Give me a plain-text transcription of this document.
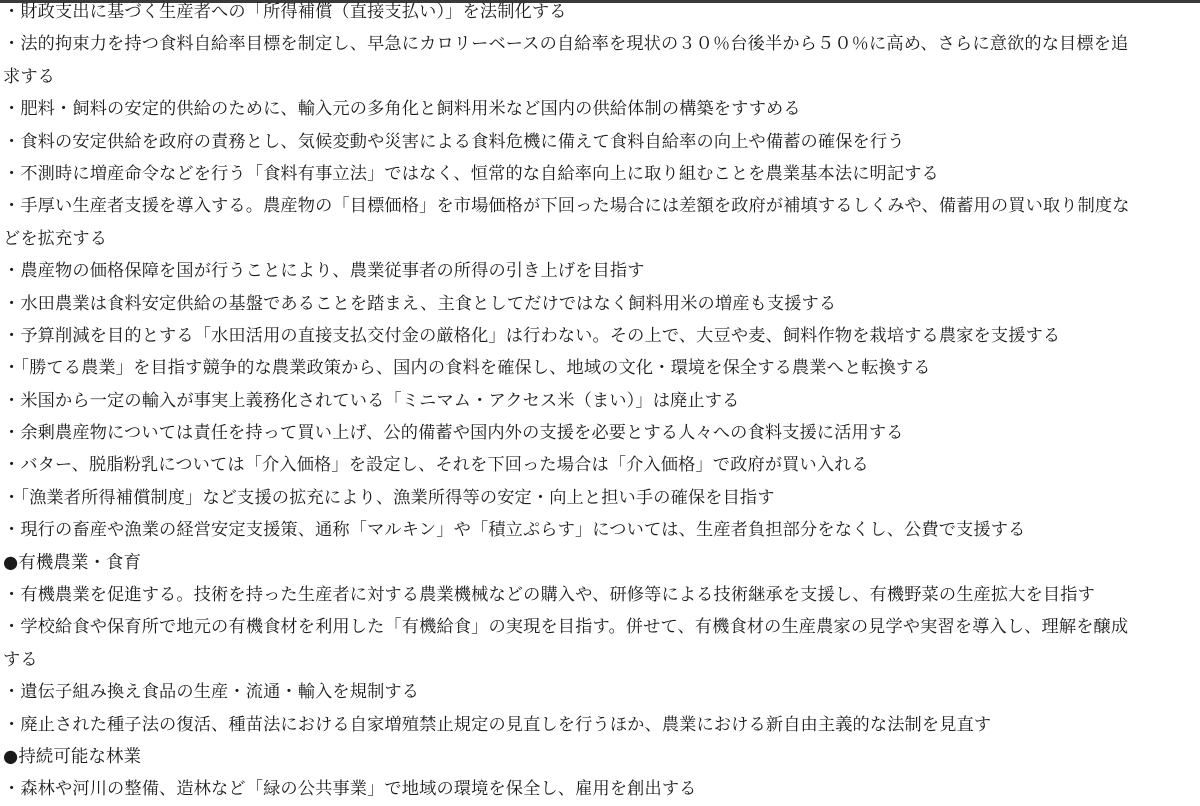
・財政支出に基づく生産者への「所得補償（直接支払い）」を法制化する
・法的拘束力を持つ食料自給率目標を制定し、早急にカロリーベースの自給率を現状の３０％台後半から５０％に高め、さらに意欲的な目標を追
求する
・肥料・飼料の安定的供給のために、輸入元の多角化と飼料用米など国内の供給体制の構築をすすめる
・食料の安定供給を政府の責務とし、気候変動や災害による食料危機に備えて食料自給率の向上や備蓄の確保を行う
・不測時に増産命令などを行う「食料有事立法」ではなく、恒常的な自給率向上に取り組むことを農業基本法に明記する
・手厚い生産者支援を導入する。農産物の「目標価格」を市場価格が下回った場合には差額を政府が補填するしくみや、備蓄用の買い取り制度な
どを拡充する
・農産物の価格保障を国が行うことにより、農業従事者の所得の引き上げを目指す
・水田農業は食料安定供給の基盤であることを踏まえ、主食としてだけではなく飼料用米の増産も支援する
・予算削減を目的とする「水田活用の直接支払交付金の厳格化」は行わない。その上で、大豆や麦、飼料作物を栽培する農家を支援する
・「勝てる農業」を目指す競争的な農業政策から、国内の食料を確保し、地域の文化・環境を保全する農業へと転換する
・米国から一定の輸入が事実上義務化されている「ミニマム・アクセス米（まい）」は廃止する
・余剰農産物については責任を持って買い上げ、公的備蓄や国内外の支援を必要とする人々への食料支援に活用する
・バター、脱脂粉乳については「介入価格」を設定し、それを下回った場合は「介入価格」で政府が買い入れる
・「漁業者所得補償制度」など支援の拡充により、漁業所得等の安定・向上と担い手の確保を目指す
・現行の畜産や漁業の経営安定支援策、通称「マルキン」や「積立ぷらす」については、生産者負担部分をなくし、公費で支援する
●有機農業・食育
・有機農業を促進する。技術を持った生産者に対する農業機械などの購入や、研修等による技術継承を支援し、有機野菜の生産拡大を目指す
・学校給食や保育所で地元の有機食材を利用した「有機給食」の実現を目指す。併せて、有機食材の生産農家の見学や実習を導入し、理解を醸成
する
・遺伝子組み換え食品の生産・流通・輸入を規制する
・廃止された種子法の復活、種苗法における自家増殖禁止規定の見直しを行うほか、農業における新自由主義的な法制を見直す
●持続可能な林業
・森林や河川の整備、造林など「緑の公共事業」で地域の環境を保全し、雇用を創出する
